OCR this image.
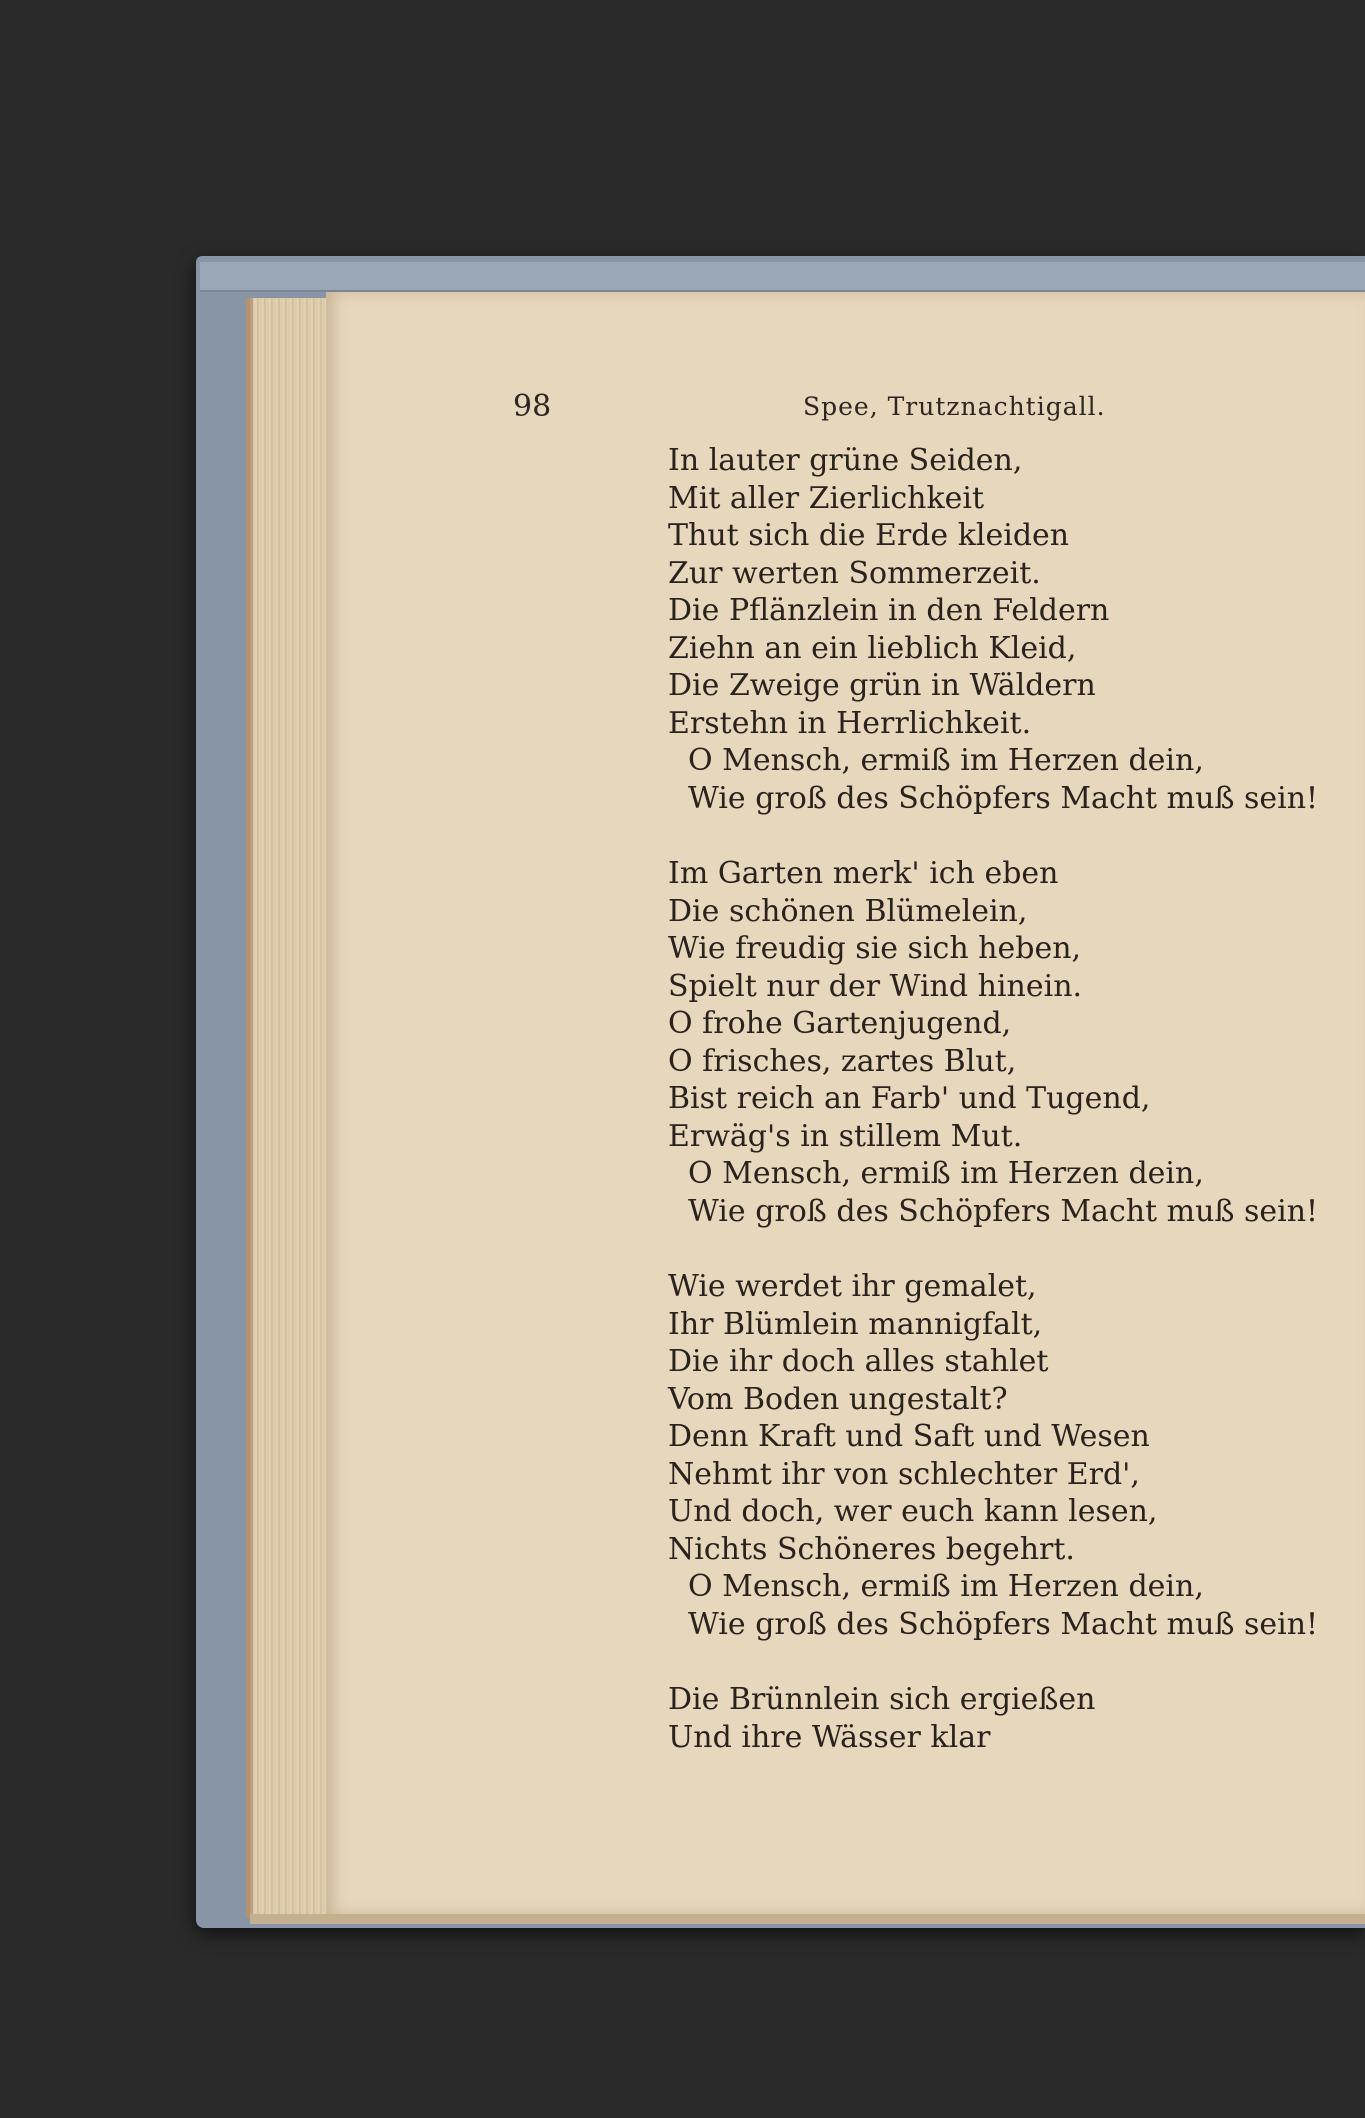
98	Spee, Trutznachtigall.
In lauter grüne Seiden,
Mit aller Zierlichkeit
Thut sich die Erde kleiden
Zur werten Sommerzeit.
Die Pflänzlein in den Feldern
Ziehn an ein lieblich Kleid,
Die Zweige grün in Wäldern
Erstehn in Herrlichkeit.
O Mensch, ermiß im Herzen dein,
Wie groß des Schöpfers Macht muß sein!
Im Garten merk' ich eben
Die schönen Blümelein,
Wie freudig sie sich heben,
Spielt nur der Wind hinein.
O frohe Gartenjugend,
O frisches, zartes Blut,
Bist reich an Farb' und Tugend,
Erwäg's in stillem Mut.
O Mensch, ermiß im Herzen dein,
Wie groß des Schöpfers Macht muß sein!
Wie werdet ihr gemalet,
Ihr Blümlein mannigfalt,
Die ihr doch alles stahlet
Vom Boden ungestalt?
Denn Kraft und Saft und Wesen
Nehmt ihr von schlechter Erd',
Und doch, wer euch kann lesen,
Nichts Schöneres begehrt.
O Mensch, ermiß im Herzen dein,
Wie groß des Schöpfers Macht muß sein!
Die Brünnlein sich ergießen
Und ihre Wässer klar
